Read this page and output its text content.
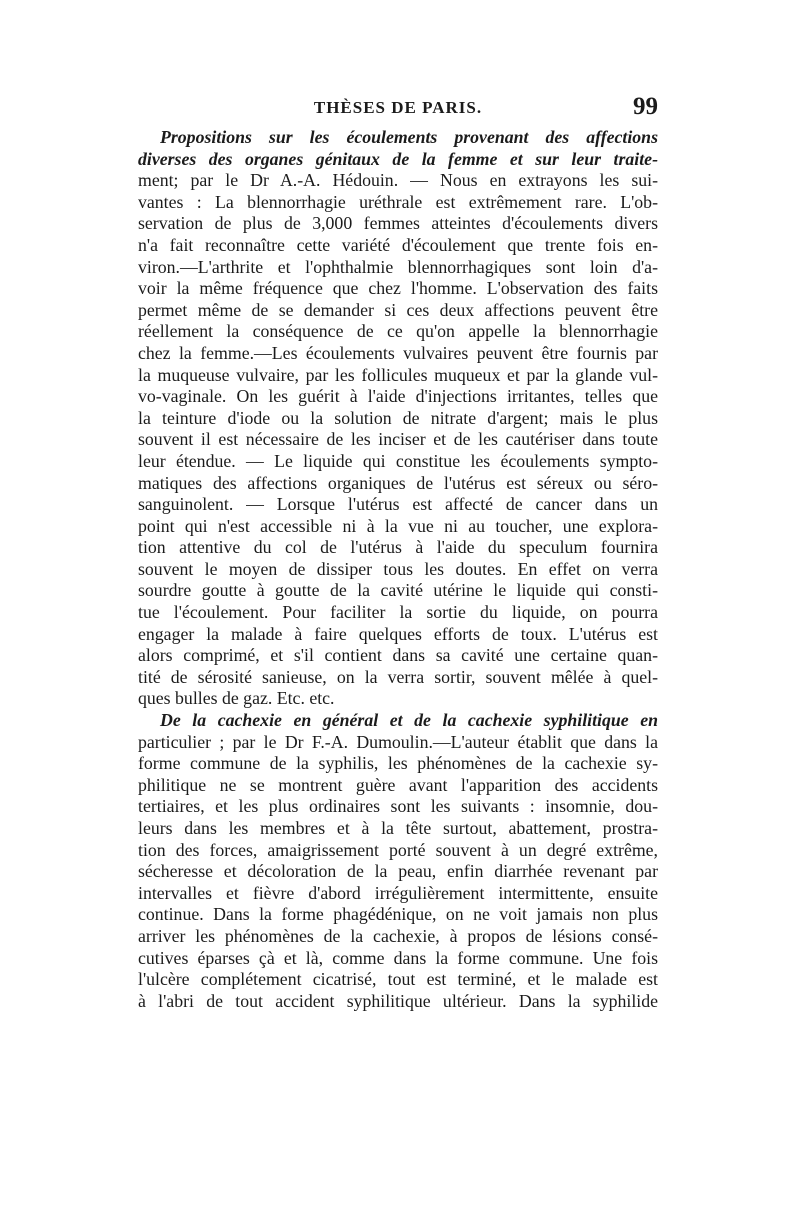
THÈSES DE PARIS.	99
Propositions sur les écoulements provenant des affections
diverses des organes génitaux de la femme et sur leur traite-
ment; par le Dr A.-A. Hédouin. — Nous en extrayons les sui-
vantes : La blennorrhagie uréthrale est extrêmement rare. L'ob-
servation de plus de 3,000 femmes atteintes d'écoulements divers
n'a fait reconnaître cette variété d'écoulement que trente fois en-
viron.—L'arthrite et l'ophthalmie blennorrhagiques sont loin d'a-
voir la même fréquence que chez l'homme. L'observation des faits
permet même de se demander si ces deux affections peuvent être
réellement la conséquence de ce qu'on appelle la blennorrhagie
chez la femme.—Les écoulements vulvaires peuvent être fournis par
la muqueuse vulvaire, par les follicules muqueux et par la glande vul-
vo-vaginale. On les guérit à l'aide d'injections irritantes, telles que
la teinture d'iode ou la solution de nitrate d'argent; mais le plus
souvent il est nécessaire de les inciser et de les cautériser dans toute
leur étendue. — Le liquide qui constitue les écoulements sympto-
matiques des affections organiques de l'utérus est séreux ou séro-
sanguinolent. — Lorsque l'utérus est affecté de cancer dans un
point qui n'est accessible ni à la vue ni au toucher, une explora-
tion attentive du col de l'utérus à l'aide du speculum fournira
souvent le moyen de dissiper tous les doutes. En effet on verra
sourdre goutte à goutte de la cavité utérine le liquide qui consti-
tue l'écoulement. Pour faciliter la sortie du liquide, on pourra
engager la malade à faire quelques efforts de toux. L'utérus est
alors comprimé, et s'il contient dans sa cavité une certaine quan-
tité de sérosité sanieuse, on la verra sortir, souvent mêlée à quel-
ques bulles de gaz. Etc. etc.
De la cachexie en général et de la cachexie syphilitique en
particulier ; par le Dr F.-A. Dumoulin.—L'auteur établit que dans la
forme commune de la syphilis, les phénomènes de la cachexie sy-
philitique ne se montrent guère avant l'apparition des accidents
tertiaires, et les plus ordinaires sont les suivants : insomnie, dou-
leurs dans les membres et à la tête surtout, abattement, prostra-
tion des forces, amaigrissement porté souvent à un degré extrême,
sécheresse et décoloration de la peau, enfin diarrhée revenant par
intervalles et fièvre d'abord irrégulièrement intermittente, ensuite
continue. Dans la forme phagédénique, on ne voit jamais non plus
arriver les phénomènes de la cachexie, à propos de lésions consé-
cutives éparses çà et là, comme dans la forme commune. Une fois
l'ulcère complétement cicatrisé, tout est terminé, et le malade est
à l'abri de tout accident syphilitique ultérieur. Dans la syphilide
